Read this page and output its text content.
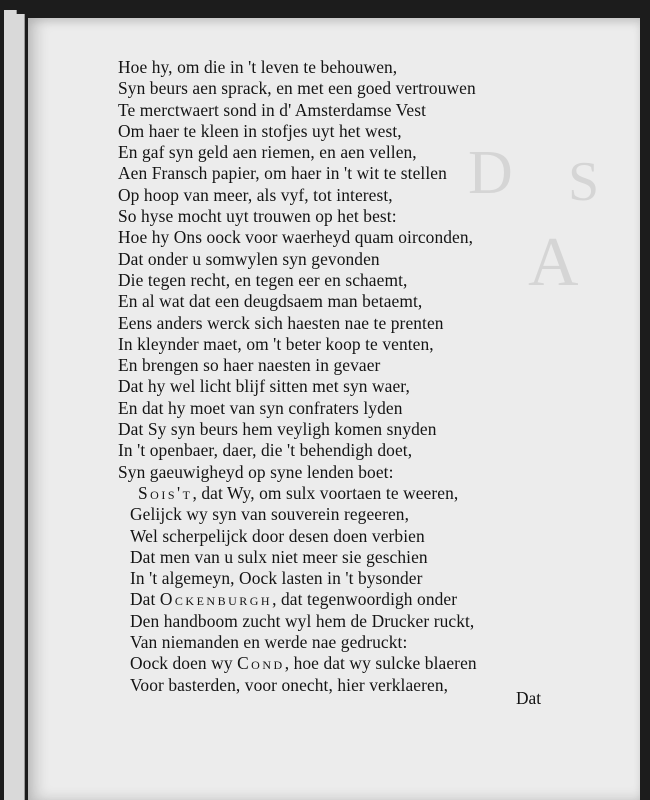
D S
A
Hoe hy, om die in 't leven te behouwen,
Syn beurs aen sprack, en met een goed vertrouwen
Te merctwaert sond in d' Amsterdamse Vest
Om haer te kleen in stofjes uyt het west,
En gaf syn geld aen riemen, en aen vellen,
Aen Fransch papier, om haer in 't wit te stellen
Op hoop van meer, als vyf, tot interest,
So hyse mocht uyt trouwen op het best:
Hoe hy Ons oock voor waerheyd quam oirconden,
Dat onder u somwylen syn gevonden
Die tegen recht, en tegen eer en schaemt,
En al wat dat een deugdsaem man betaemt,
Eens anders werck sich haesten nae te prenten
In kleynder maet, om 't beter koop te venten,
En brengen so haer naesten in gevaer
Dat hy wel licht blijf sitten met syn waer,
En dat hy moet van syn confraters lyden
Dat Sy syn beurs hem veyligh komen snyden
In 't openbaer, daer, die 't behendigh doet,
Syn gaeuwigheyd op syne lenden boet:
Sois't, dat Wy, om sulx voortaen te weeren,
Gelijck wy syn van souverein regeeren,
Wel scherpelijck door desen doen verbien
Dat men van u sulx niet meer sie geschien
In 't algemeyn, Oock lasten in 't bysonder
Dat Ockenburgh, dat tegenwoordigh onder
Den handboom zucht wyl hem de Drucker ruckt,
Van niemanden en werde nae gedruckt:
Oock doen wy Cond, hoe dat wy sulcke blaeren
Voor basterden, voor onecht, hier verklaeren,
Dat
